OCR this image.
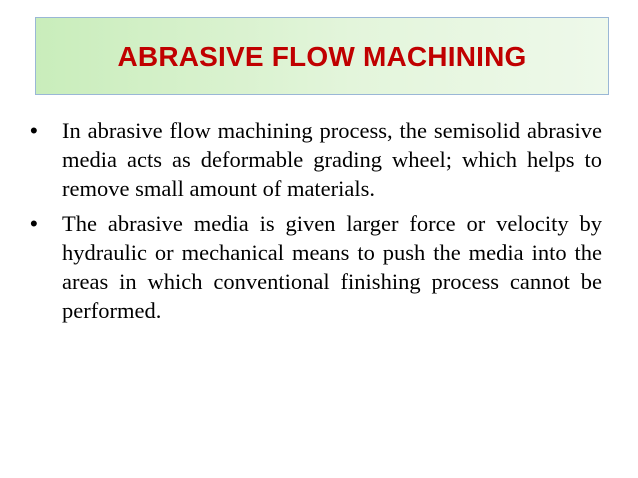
ABRASIVE FLOW MACHINING
•	In abrasive flow machining process, the semisolid abrasive media acts as deformable grading wheel; which helps to remove small amount of materials.

•	The abrasive media is given larger force or velocity by hydraulic or mechanical means to push the media into the areas in which conventional finishing process cannot be performed.
